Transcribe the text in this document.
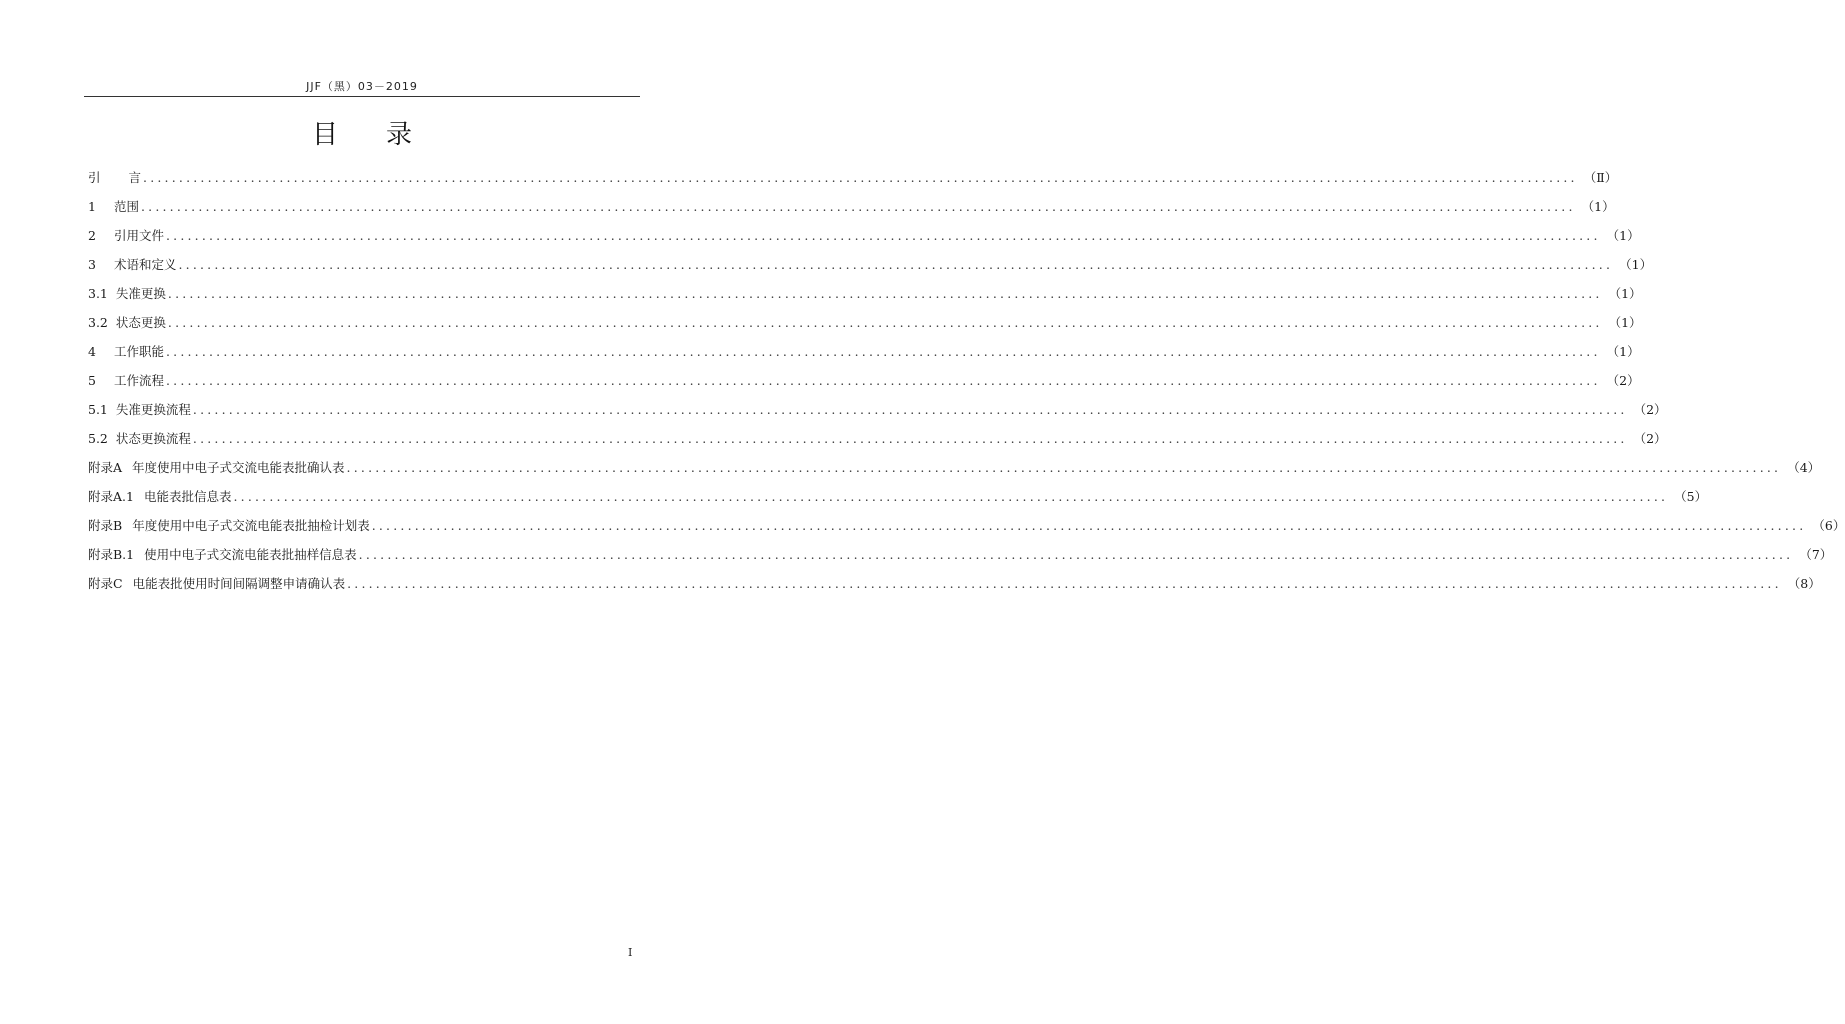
JJF（黑）03－2019
目录
引 言 ........................................................................................................................................................................................................ （Ⅱ）
1 范围 ........................................................................................................................................................................................................ （1）
2 引用文件 ........................................................................................................................................................................................................ （1）
3 术语和定义 ........................................................................................................................................................................................................ （1）
3.1 失准更换 ........................................................................................................................................................................................................ （1）
3.2 状态更换 ........................................................................................................................................................................................................ （1）
4 工作职能 ........................................................................................................................................................................................................ （1）
5 工作流程 ........................................................................................................................................................................................................ （2）
5.1 失准更换流程 ........................................................................................................................................................................................................ （2）
5.2 状态更换流程 ........................................................................................................................................................................................................ （2）
附录A 年度使用中电子式交流电能表批确认表 ........................................................................................................................................................................................................ （4）
附录A.1 电能表批信息表 ........................................................................................................................................................................................................ （5）
附录B 年度使用中电子式交流电能表批抽检计划表 ........................................................................................................................................................................................................ （6）
附录B.1 使用中电子式交流电能表批抽样信息表 ........................................................................................................................................................................................................ （7）
附录C 电能表批使用时间间隔调整申请确认表 ........................................................................................................................................................................................................ （8）
I
